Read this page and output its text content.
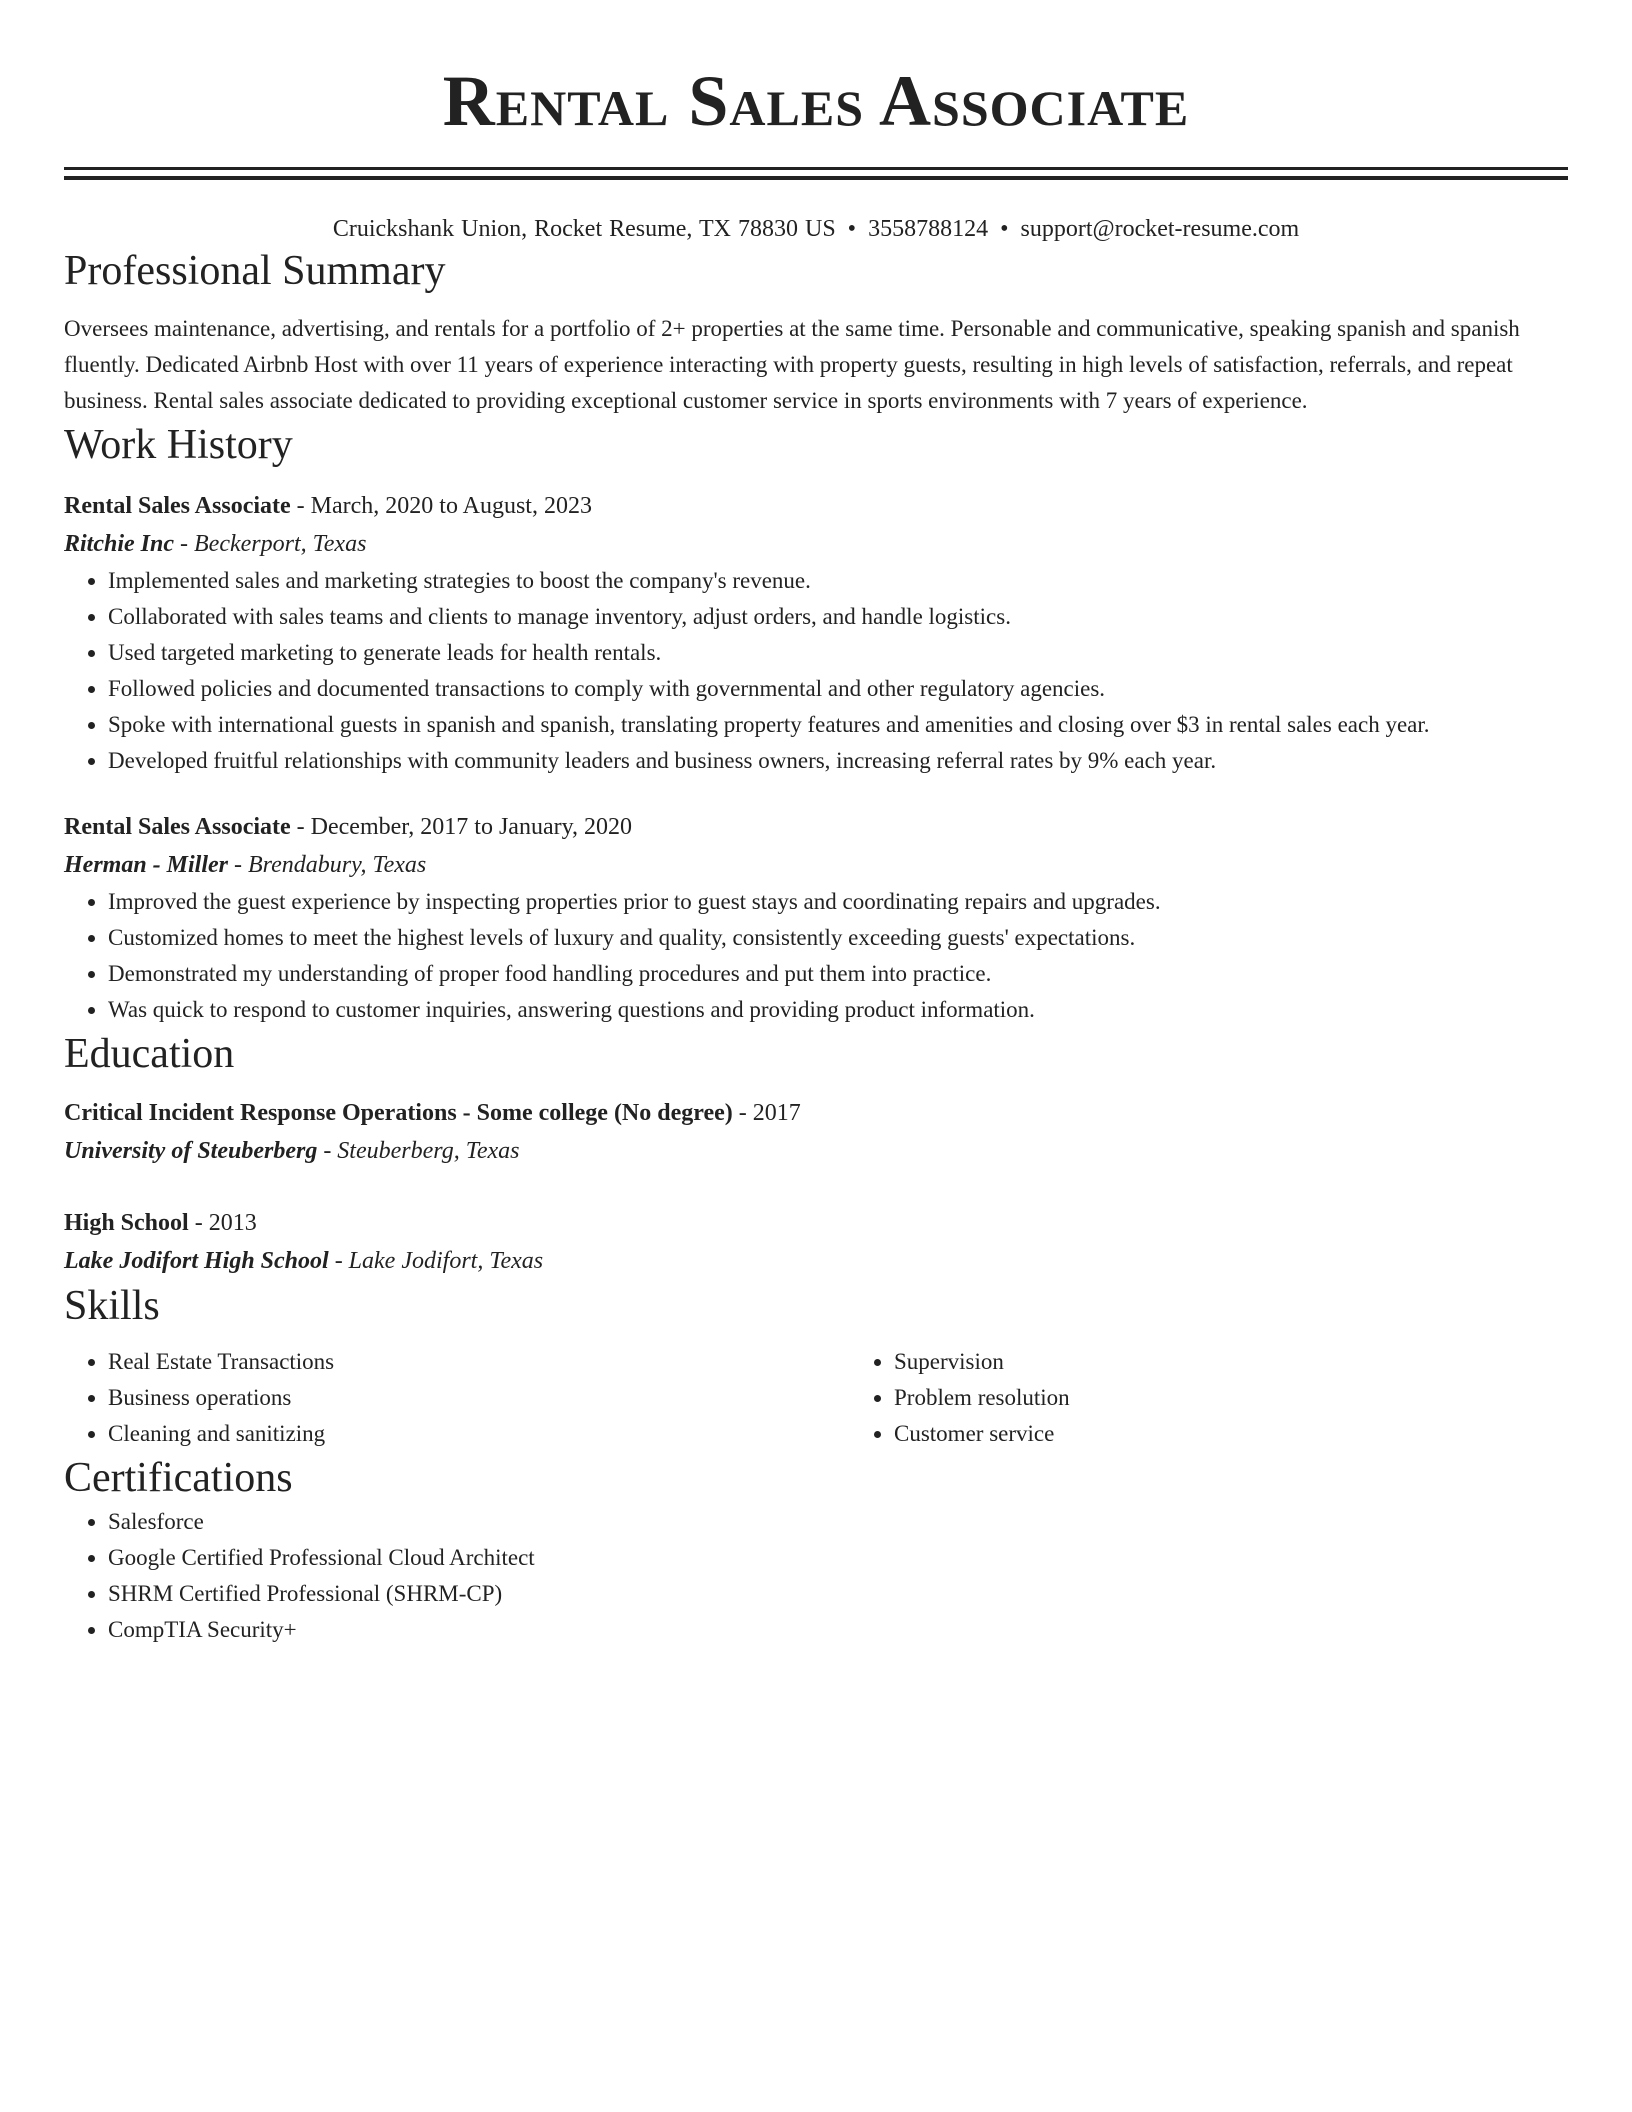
Rental Sales Associate
Cruickshank Union, Rocket Resume, TX 78830 US • 3558788124 • support@rocket-resume.com
Professional Summary
Oversees maintenance, advertising, and rentals for a portfolio of 2+ properties at the same time. Personable and communicative, speaking spanish and spanish fluently. Dedicated Airbnb Host with over 11 years of experience interacting with property guests, resulting in high levels of satisfaction, referrals, and repeat business. Rental sales associate dedicated to providing exceptional customer service in sports environments with 7 years of experience.
Work History
Rental Sales Associate - March, 2020 to August, 2023
Ritchie Inc - Beckerport, Texas
• Implemented sales and marketing strategies to boost the company's revenue.
• Collaborated with sales teams and clients to manage inventory, adjust orders, and handle logistics.
• Used targeted marketing to generate leads for health rentals.
• Followed policies and documented transactions to comply with governmental and other regulatory agencies.
• Spoke with international guests in spanish and spanish, translating property features and amenities and closing over $3 in rental sales each year.
• Developed fruitful relationships with community leaders and business owners, increasing referral rates by 9% each year.
Rental Sales Associate - December, 2017 to January, 2020
Herman - Miller - Brendabury, Texas
• Improved the guest experience by inspecting properties prior to guest stays and coordinating repairs and upgrades.
• Customized homes to meet the highest levels of luxury and quality, consistently exceeding guests' expectations.
• Demonstrated my understanding of proper food handling procedures and put them into practice.
• Was quick to respond to customer inquiries, answering questions and providing product information.
Education
Critical Incident Response Operations - Some college (No degree) - 2017
University of Steuberberg - Steuberberg, Texas
High School - 2013
Lake Jodifort High School - Lake Jodifort, Texas
Skills
• Real Estate Transactions
• Business operations
• Cleaning and sanitizing
• Supervision
• Problem resolution
• Customer service
Certifications
• Salesforce
• Google Certified Professional Cloud Architect
• SHRM Certified Professional (SHRM-CP)
• CompTIA Security+
